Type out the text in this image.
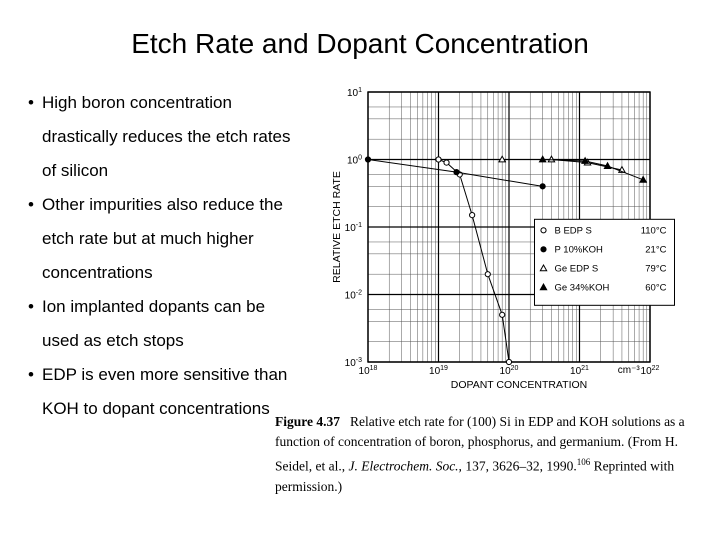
Etch Rate and Dopant Concentration
• High boron concentration drastically reduces the etch rates of silicon
• Other impurities also reduce the etch rate but at much higher concentrations
• Ion implanted dopants can be used as etch stops
• EDP is even more sensitive than KOH to dopant concentrations
$10^{18}$	$10^{19}$	$10^{20}$	$10^{21}$	$10^{22}$
$10^1$
$10^0$
$10^{-1}$
$10^{-2}$
$10^{-3}$
cm⁻³
DOPANT CONCENTRATION
RELATIVE ETCH RATE	B EDP S	110°C
P 10%KOH	21°C
Ge EDP S	79°C
Ge 34%KOH	60°C
Figure 4.37 Relative etch rate for (100) Si in EDP and KOH solutions as a function of concentration of boron, phosphorus, and germanium. (From H. Seidel, et al., J. Electrochem. Soc., 137, 3626–32, 1990.$^{106}$ Reprinted with permission.)
